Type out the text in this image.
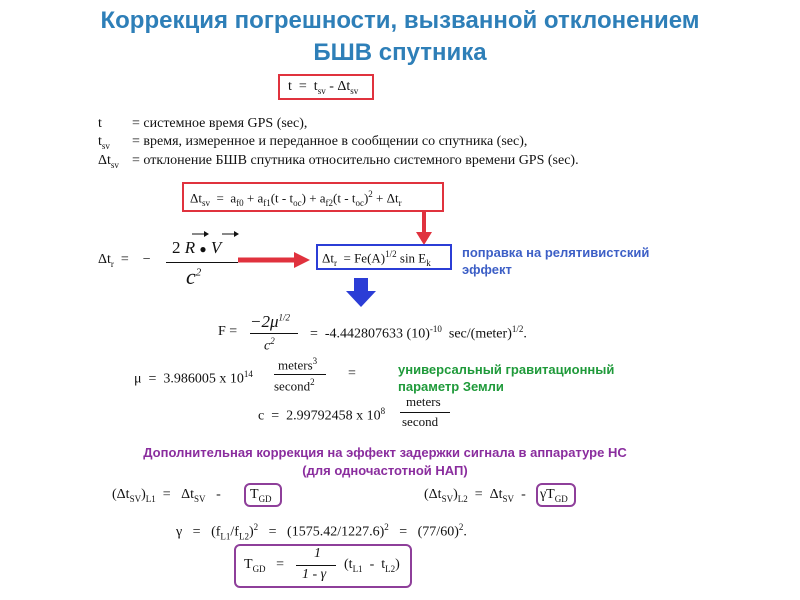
Коррекция погрешности, вызванной отклонением
БШВ спутника
$t = t_{sv} - \Delta t_{sv}$
t = системное время GPS (sec),
$t_{sv}$ = время, измеренное и переданное в сообщении со спутника (sec),
$\Delta t_{sv}$ = отклонение БШВ спутника относительно системного времени GPS (sec).
$\Delta t_{sv} = a_{f0} + a_{f1}(t - t_{oc}) + a_{f2}(t - t_{oc})^2 + \Delta t_r$
$\Delta t_r$  =    −
2 R ● V
$c^2$
$\Delta t_r = Fe(A)^{1/2}$ $\sin E_k$
поправка на релятивистский
эффект
F =
$-2\mu^{1/2}$
$c^2$	=  -4.442807633 $(10)^{-10}$  sec/(meter)$^{1/2}$.
μ  =  3.986005 x $10^{14}$
meters$^3$
second$^2$
=	универсальный гравитационный
параметр Земли
c  =  2.99792458 x $10^8$
meters
second
Дополнительная коррекция на эффект задержки сигнала в аппаратуре НС
(для одночастотной НАП)
$(\Delta t_{SV})_{L1} = \Delta t_{SV} - T_{GD}$	$(\Delta t_{SV})_{L2} = \Delta t_{SV} - \gamma T_{GD}$
$\gamma = (f_{L1}/f_{L2})^2 = (1575.42/1227.6)^2 = (77/60)^2$.
$T_{GD}$   =
1
1 - γ
$(t_{L1} - t_{L2})$
